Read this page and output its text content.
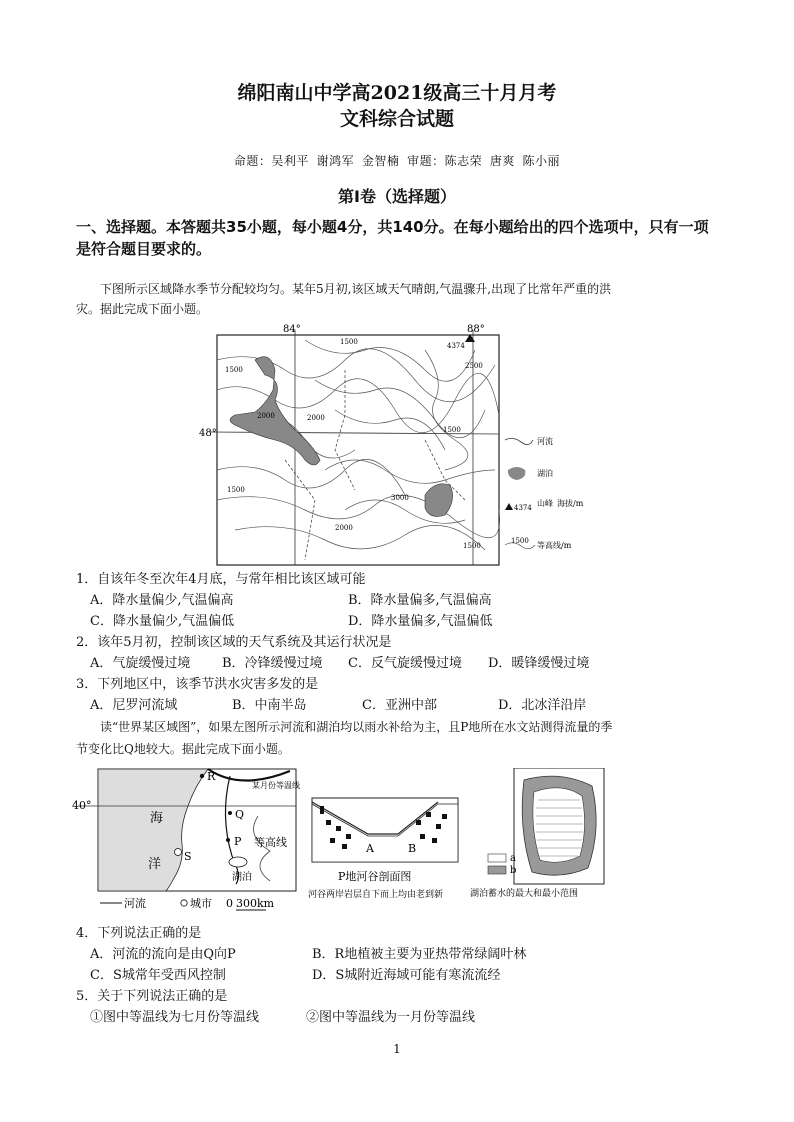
绵阳南山中学高2021级高三十月月考
文科综合试题
命题：吴利平 谢鸿军 金智楠 审题：陈志荣 唐爽 陈小丽
第Ⅰ卷（选择题）
一、选择题。本答题共35小题，每小题4分，共140分。在每小题给出的四个选项中，只有一项是符合题目要求的。
下图所示区域降水季节分配较均匀。某年5月初,该区域天气晴朗,气温骤升,出现了比常年严重的洪
灾。据此完成下面小题。
84°	88°
48°
4374
1500
2000	2000
2500
1500
1500
1500
3000
2000
1500
河流
湖泊
4374 山峰 海拔/m
1500 等高线/m
1．自该年冬至次年4月底，与常年相比该区域可能
A．降水量偏少,气温偏高	B．降水量偏多,气温偏高
C．降水量偏少,气温偏低	D．降水量偏多,气温偏低
2．该年5月初，控制该区域的天气系统及其运行状况是
A．气旋缓慢过境 B．冷锋缓慢过境 C．反气旋缓慢过境 D．暖锋缓慢过境
3．下列地区中，该季节洪水灾害多发的是
A．尼罗河流域	B．中南半岛	C．亚洲中部	D．北冰洋沿岸
读“世界某区域图”，如果左图所示河流和湖泊均以雨水补给为主，且P地所在水文站测得流量的季
节变化比Q地较大。据此完成下面小题。
40°
海
洋
R
Q
P
S
某月份等温线
等高线
湖泊
河流	城市 0 300km
A	B
P地河谷剖面图
河谷两岸岩层自下而上均由老到新
a
b
湖泊蓄水的最大和最小范围
4．下列说法正确的是
A．河流的流向是由Q向P	B．R地植被主要为亚热带常绿阔叶林
C．S城常年受西风控制	D．S城附近海域可能有寒流流经
5．关于下列说法正确的是
①图中等温线为七月份等温线	②图中等温线为一月份等温线
1
